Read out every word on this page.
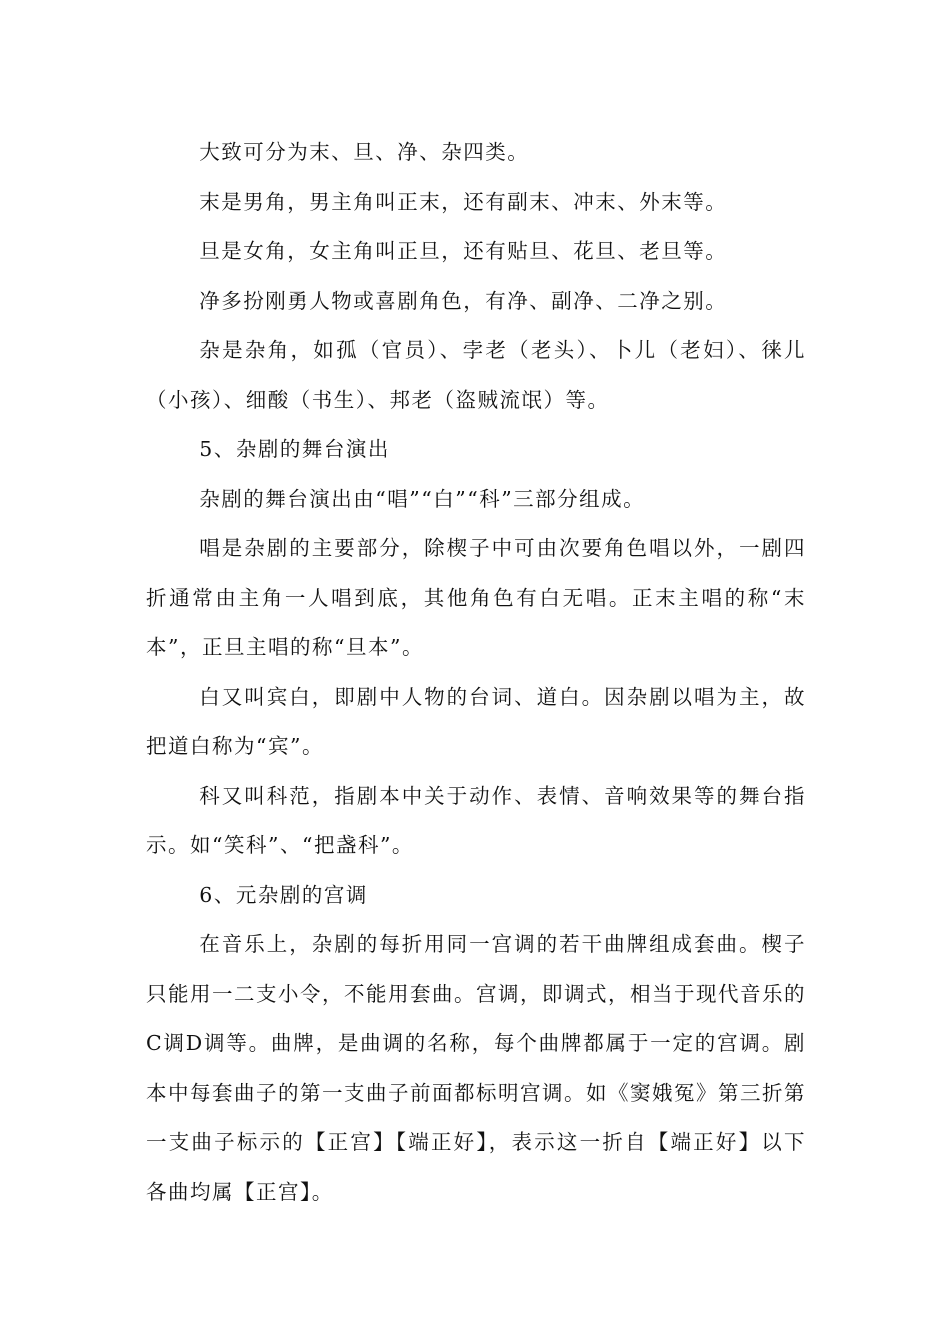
大致可分为末、旦、净、杂四类。

末是男角，男主角叫正末，还有副末、冲末、外末等。

旦是女角，女主角叫正旦，还有贴旦、花旦、老旦等。

净多扮刚勇人物或喜剧角色，有净、副净、二净之别。

杂是杂角，如孤（官员）、孛老（老头）、卜儿（老妇）、徕儿（小孩）、细酸（书生）、邦老（盗贼流氓）等。

5、杂剧的舞台演出

杂剧的舞台演出由“唱”“白”“科”三部分组成。

唱是杂剧的主要部分，除楔子中可由次要角色唱以外，一剧四折通常由主角一人唱到底，其他角色有白无唱。正末主唱的称“末本”，正旦主唱的称“旦本”。

白又叫宾白，即剧中人物的台词、道白。因杂剧以唱为主，故把道白称为“宾”。

科又叫科范，指剧本中关于动作、表情、音响效果等的舞台指示。如“笑科”、“把盏科”。

6、元杂剧的宫调

在音乐上，杂剧的每折用同一宫调的若干曲牌组成套曲。楔子只能用一二支小令，不能用套曲。宫调，即调式，相当于现代音乐的C调D调等。曲牌，是曲调的名称，每个曲牌都属于一定的宫调。剧本中每套曲子的第一支曲子前面都标明宫调。如《窦娥冤》第三折第一支曲子标示的【正宫】【端正好】，表示这一折自【端正好】以下各曲均属【正宫】。
